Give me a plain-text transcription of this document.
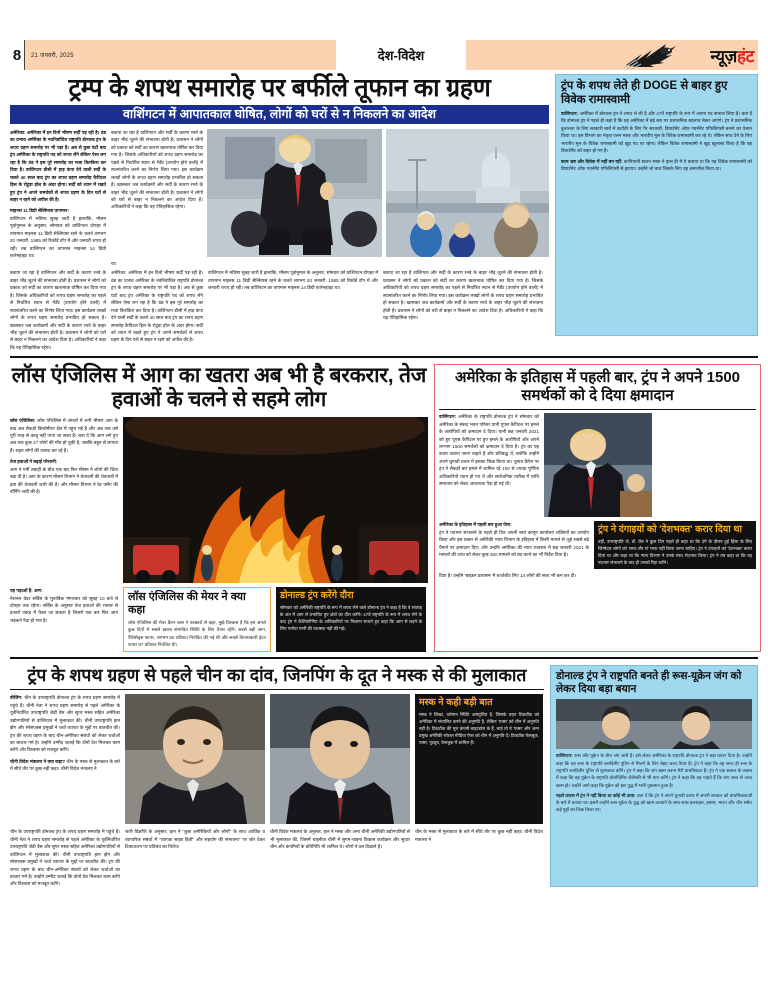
8	21 जनवरी, 2025	देश-विदेश	न्यूज़हंट
ट्रम्प के शपथ समारोह पर बर्फीले तूफान का ग्रहण
वाशिंगटन में आपातकाल घोषित, लोगों को घरों से न निकलने का आदेश

अमेरिका: अमेरिका में इन दिनों भीषण सर्दी पड़ रही है। ठंड का प्रभाव अमेरिका के नवनिर्वाचित राष्ट्रपति डोनाल्ड ट्रंप के शपथ ग्रहण समारोह पर भी पड़ा है। अब से कुछ घंटों बाद ट्रंप अमेरिका के राष्ट्रपति पद को शपथ लेंगे लेकिन ऐसा लग रहा है कि ठंड ने इस पूरे समारोह का मजा किरकिरा कर दिया है। वाशिंगटन डीसी में हाड़ कंपा देने वाली सर्दी के चलते 40 साल बाद ट्रंप का शपथ ग्रहण समारोह कैपिटल हिल के रोटुंडा हॉल के अंदर होगा। सर्दी को ध्यान में रखते हुए ट्रंप ने अपने समर्थकों से शपथ ग्रहण के दिन घरों से बाहर न रहने को अपील की है।

माइनस 11 डिग्री सेल्सियस तापमान:

वाशिंगटन में भविष्य सुबह जारी है हालांकि, मौसम पूर्वानुमान के अनुसार, सोमवार को वाशिंगटन दोपहर में तापमान माइनस 11 डिग्री सेल्सियस रहने के चलते लगभग 20 जनवरी, 1985 को रिकॉर्ड टॉप में और जनवरी शपथ हो रही। तब वाशिंगटन का तापमान माइनस 14 डिग्री फ़ारेनहाइट था।

बताया जा रहा है वाशिंगटन और सर्दी के कारण रनवे के बाहर भीड़ जुटने की संभावना होती है। प्रशासन ने लोगों को प्रकाश को सर्दी का कारण खतरनाक घोषित कर दिया गया है। जिसके अधिकारियों को शपथ ग्रहण समारोह का पहले से निर्धारित स्थान से गैर्डेंट (उपयोग होने वाली) में स्थानांतरित करने का निर्णय लिया गया। इस कार्यक्रम लाखों लोगों के शपथ ग्रहण समारोह प्रभावित हो सकता है। खासकर जब कार्यक्रमों और सर्दी के कारण रनवे के बाहर भीड़ जुटने की संभावना होती है। प्रशासन ने लोगों को घरों से बाहर न निकलने का आदेश दिया है। अधिकारियों ने कहा कि यह ऐतिहासिक रहेगा।
या।
बताया जा रहा है वाशिंगटन और सर्दी के कारण रनवे के बाहर भीड़ जुटने की संभावना होती है। प्रशासन ने लोगों को प्रकाश को सर्दी का कारण खतरनाक घोषित कर दिया गया है। जिसके अधिकारियों को शपथ ग्रहण समारोह का पहले से निर्धारित स्थान से गैर्डेंट (उपयोग होने वाली) में स्थानांतरित करने का निर्णय लिया गया। इस कार्यक्रम लाखों लोगों के शपथ ग्रहण समारोह प्रभावित हो सकता है। खासकर जब कार्यक्रमों और सर्दी के कारण रनवे के बाहर भीड़ जुटने की संभावना होती है। प्रशासन ने लोगों को घरों से बाहर न निकलने का आदेश दिया है। अधिकारियों ने कहा कि यह ऐतिहासिक रहेगा।
अमेरिका: अमेरिका में इन दिनों भीषण सर्दी पड़ रही है। ठंड का प्रभाव अमेरिका के नवनिर्वाचित राष्ट्रपति डोनाल्ड ट्रंप के शपथ ग्रहण समारोह पर भी पड़ा है। अब से कुछ घंटों बाद ट्रंप अमेरिका के राष्ट्रपति पद को शपथ लेंगे लेकिन ऐसा लग रहा है कि ठंड ने इस पूरे समारोह का मजा किरकिरा कर दिया है। वाशिंगटन डीसी में हाड़ कंपा देने वाली सर्दी के चलते 40 साल बाद ट्रंप का शपथ ग्रहण समारोह कैपिटल हिल के रोटुंडा हॉल के अंदर होगा। सर्दी को ध्यान में रखते हुए ट्रंप ने अपने समर्थकों से शपथ ग्रहण के दिन घरों से बाहर न रहने को अपील की है।
वाशिंगटन में भविष्य सुबह जारी है हालांकि, मौसम पूर्वानुमान के अनुसार, सोमवार को वाशिंगटन दोपहर में तापमान माइनस 11 डिग्री सेल्सियस रहने के चलते लगभग 20 जनवरी, 1985 को रिकॉर्ड टॉप में और जनवरी शपथ हो रही। तब वाशिंगटन का तापमान माइनस 14 डिग्री फ़ारेनहाइट था।
बताया जा रहा है वाशिंगटन और सर्दी के कारण रनवे के बाहर भीड़ जुटने की संभावना होती है। प्रशासन ने लोगों को प्रकाश को सर्दी का कारण खतरनाक घोषित कर दिया गया है। जिसके अधिकारियों को शपथ ग्रहण समारोह का पहले से निर्धारित स्थान से गैर्डेंट (उपयोग होने वाली) में स्थानांतरित करने का निर्णय लिया गया। इस कार्यक्रम लाखों लोगों के शपथ ग्रहण समारोह प्रभावित हो सकता है। खासकर जब कार्यक्रमों और सर्दी के कारण रनवे के बाहर भीड़ जुटने की संभावना होती है। प्रशासन ने लोगों को घरों से बाहर न निकलने का आदेश दिया है। अधिकारियों ने कहा कि यह ऐतिहासिक रहेगा।
ट्रंप के शपथ लेते ही DOGE से बाहर हुए विवेक रामास्वामी
वाशिंगटन: अमेरिका में डोनाल्ड ट्रंप ने शपथ ले ली है और 47वें राष्ट्रपति के रूप में अपना पद संभाल लिया है। बता दें कि डोनाल्ड ट्रंप ने पहले ही कहा है कि वह अमेरिका में बड़े स्तर पर प्रशासनिक बदलाव लेकर आएंगे। ट्रंप ने प्रशासनिक कुशलता के लिए सरकारी खर्चे में कटौती के लिए गैर सरकारी, डिपार्टमेंट ऑफ़ गवर्नमेंट एफिशिएंसी बनाने का ऐलान किया था। इस विभाग का नेतृत्व एलन मस्क और भारतीय मूल के विवेक रामास्वामी कर रहे थे। लेकिन साथ देने के लिए भारतीय मूल के विवेक रामास्वामी को खुद पद पर रहेगा। लेकिन विवेक रामास्वामी ने खुद खुलासा किया है कि वह डिपार्टमेंट को बाहर हो गए हैं।
काम भ्रष्ट और विवेक में नहीं बन रहीं: कानियाती डालन मस्क ने हाल ही में ये बताया था कि यह विवेक रामास्वामी को डिपार्टमेंट ऑफ़ गवर्नमेंट एफिशिएंसी से हटाया। उन्होंने जो बात जिसके लिए वह क्षमाशील किया था।
लॉस एंजिलिस में आग का खतरा अब भी है बरकरार, तेज हवाओं के चलने से सहमे लोग

लॉस एंजिलिस: लॉस एंजिलिस में जंगलों में लगी भीषण आग के बाद अब सैकड़ों किलोमीटर क्षेत्र में पहुंच गई है और अब तक उसे पूरी तरह से काबू नहीं पाया जा सका है। बता दें कि आग लगे हुए अब तक कुछ 27 लोगों की मौत हो चुकी है, जबकि बहुत से लापता हैं। राहत लोगों की तलाश कर रहे हैं।

तेज हवाओं ने बढ़ाई परेशानी:

आग ने गर्मी तबाही के बीच एक बार फिर मौसम ने लोगों की चिंता बढ़ा दी है। आग के कारण मौसम विभाग ने चेतावनी की चेतावनी में हवा की चेतावनी जारी की है। और मौसम विभाग ने रेड फ्लैग की वॉर्निंग जारी की है।

यह पढ़ाओं है: आग:

नेशनल वेदर सर्विस के मुताबिक मंगलवार को सुबह 10 बजे से दोपहर तक रहेगा। सर्विस के अनुसार तेज हवाओं की रफ्तार से हजारों एकड़ में फैला जा सकता है जिसमें एक बार फिर आग भड़कने पैदा हो गया है।

लॉस एंजिलिस की मेयर ने क्या कहा
लॉस एंजिलिस की मेयर कैरन बास ने पत्रकारों से कहा, मुझे विश्वास है कि हम अगले कुछ दिनों में सबसे खराब संभावित स्थिति के लिए तैयार रहेंगे। सबसे बड़ी आग, पैलिसेड्स फायर, लगभग 60 प्रतिशत नियंत्रित की गई थी और सबसे विनाशकारी ईटन फायर 87 प्रतिशत नियंत्रित थी।
डोनाल्ड ट्रंप करेंगे दौरा
सोमवार को अमेरिकी राष्ट्रपति के रूप में शपथ लेने वाले डोनाल्ड ट्रंप ने कहा है कि वे सप्ताह के अंत में आग से प्रभावित हुए क्षेत्रों का दौरा करेंगे। 47वें राष्ट्रपति के रूप में शपथ लेने के बाद ट्रंप ने कैलिफोर्निया के अधिकारियों पर निशाना साधते हुए कहा कि आग से लड़ने के लिए पर्याप्त पानी की व्यवस्था नहीं की गई।
अमेरिका के इतिहास में पहली बार, ट्रंप ने अपने 1500 समर्थकों को दे दिया क्षमादान

वाशिंगटन: अमेरिका के राष्ट्रपति डोनाल्ड ट्रंप ने सोमवार को अमेरिका के संसद भवन परिसर यानी यूएस कैपिटल पर हमले के आरोपियों को क्षमादान दे दिया। यानी छह जनवरी 2021 को हुए यूएस कैपिटल पर हुए हमले के आरोपियों और अपने लगभग 1500 समर्थकों को क्षमादान दे दिया है। ट्रंप का यह कदम उठाया जाना चाहते हैं और प्रतिबद्ध थे, क्योंकि उन्होंने अपने चुनावी प्रचार में इसका जिक्र किया था। चुनाव कैंपेन पर ट्रंप ने सैकड़ों बार हमले में शामिल रहे 100 से ज्यादा पूर्णिमा अधिकारियों ध्यान हो गए थे और सार्वजनिक तारीख में शांति समाधान को लेकर आवश्यक पैदा हो गई थी।

अमेरिका के इतिहास में पहली बार हुआ ऐसा:

ट्रंप ने पदभार संभालने के पहले ही दिन अपनी स्वयं कानून कार्यालय शक्तियों का उपयोग किया और इस प्रकार से अमेरिकी न्याय विभाग के इतिहास में किसी मामले से जुड़े सबसे बड़े पैमाने पर क्षमादान दिए। और उन्होंने अमेरिका की न्याय व्यवस्था में छह जनवरी 2021 के मामलों की जांच को लेकर कुछ 450 मामलों को बंद करने का भी निर्देश दिया है।

ट्रंप ने दंगाइयों को 'देशभक्त' करार दिया था
वहीं, उपराष्ट्रपति जे. डी. वेंस ने कुछ दिन पहले ही कहा था कि दंगे के दौरान हुई हिंसा के लिए जिम्मेदार लोगों को 'साफ तौर से' माफ नहीं किया जाना चाहिए। ट्रंप ने दंगाइयों को 'देशभक्त' करार दिया था और कहा था कि न्याय विभाग ने उनके साथ भेदभाव किया। ट्रंप ने तब कहा था कि वह पदभार संभालने के बाद ही उनको रिहा करेंगे।
दिया है। उन्होंने 'बाइडन प्रशासन' में चार्जशीट लिए 14 लोगों की सजा भी कम कर दी।
ट्रंप के शपथ ग्रहण से पहले चीन का दांव, जिनपिंग के दूत ने मस्क से की मुलाकात

बीजिंग: चीन के उपराष्ट्रपति डोनाल्ड ट्रंप के शपथ ग्रहण समारोह में पहुंचे हैं। चीनी नेता ने शपथ ग्रहण समारोह से पहले अमेरिका के पूर्वनिर्धारित उपराष्ट्रपति जेडी वेंस और सुपर मस्क सहित अमेरिका उद्योगपतियों से वाशिंगटन में मुलाकात की। चीनी उपराष्ट्रपति हान झेंग और स्पेसएक्स प्रमुखों ने चर्चा व्यापार के मुद्दों पर बातचीत की। ट्रंप की शपथ ग्रहण के बाद चीन-अमेरिका संबंधों को लेकर चर्चाओं का बाजार गर्म है। उन्होंने उम्मीद जताई कि दोनों देश मिलकर काम करेंगे और विश्वास को मजबूत करेंगे।

चीनी विदेश मंत्रालय ने क्या कहा? चीन के मस्क से मुलाकात के बारे में सीधे तौर पर कुछ नहीं कहा। चीनी विदेश मंत्रालय ने

मस्क ने कही बड़ी बात
मस्क ने लिखा, वर्तमान स्थिति असंतुलित है, जिसके तहत टिकटॉक को अमेरिका में संचालित करने की अनुमति है, लेकिन 'एक्स' को चीन में अनुमति नहीं है। टिकटॉक की मूल कंपनी बाइटडांस के हैं, चाहे तो वे 'एक्स' और अन्य प्रमुख अमेरिकी सोशल मीडिया ऐप्स को चीन में अनुमति दें। टिकटॉक फेसबुक, एक्स, यूट्यूब, फेसबुक में शामिल हैं।
चीन के उपराष्ट्रपति डोनाल्ड ट्रंप के शपथ ग्रहण समारोह में पहुंचे हैं। चीनी नेता ने शपथ ग्रहण समारोह से पहले अमेरिका के पूर्वनिर्धारित उपराष्ट्रपति जेडी वेंस और सुपर मस्क सहित अमेरिका उद्योगपतियों से वाशिंगटन में मुलाकात की। चीनी उपराष्ट्रपति हान झेंग और स्पेसएक्स प्रमुखों ने चर्चा व्यापार के मुद्दों पर बातचीत की। ट्रंप की शपथ ग्रहण के बाद चीन-अमेरिका संबंधों को लेकर चर्चाओं का बाजार गर्म है। उन्होंने उम्मीद जताई कि दोनों देश मिलकर काम करेंगे और विश्वास को मजबूत करेंगे।
जारी विज्ञप्ति के अनुसार, हान ने ''कुछ अमेरिकियों और लोगों'' के साथ आर्थिक व व्यापारिक संबंधों में ''व्यापक साझा हितों'' और सहयोग की संभावना'' पर जोर देकर टिकाऊपन पर प्रतिबंध का विरोध।
चीनी विदेश मंत्रालय के अनुसार, हान ने मस्क और अन्य चीनी अमेरिकी उद्योगपतियों से भी मुलाकात की, जिसमें चाइनीज़ चीनी में सुगम-चाइना विकास कार्यक्रम और सुधार चीन और कंपनियों के प्रतिनिधि भी शामिल थे। लोगों ने दल दिखाने हैं।
चीन के मस्क से मुलाकात के बारे में सीधे तौर पर कुछ नहीं कहा। चीनी विदेश मंत्रालय ने
डोनाल्ड ट्रंप ने राष्ट्रपति बनते ही रूस-यूक्रेन जंग को लेकर दिया बड़ा बयान
वाशिंगटन: रूस और यूक्रेन के बीच जंग जारी है। इसे लेकर अमेरिका के राष्ट्रपति डोनाल्ड ट्रंप ने बड़ा बयान दिया है। उन्होंने कहा कि वह रूस के राष्ट्रपति व्लादिमीर पुतिन से मिलने के लिए बेहद जल्द तैयार हैं। ट्रंप ने कहा कि वह जल्द ही रूस के राष्ट्रपति व्लादिमीर पुतिन से मुलाकात करेंगे। ट्रंप ने कहा कि जंग खत्म करना मेरी प्राथमिकता है। ट्रंप ने एक सवाल के जवाब में कहा कि वह यूक्रेन के राष्ट्रपति वोलोदिमिर जेलेंस्की से भी बात करेंगे। ट्रंप ने कहा कि वह चाहते हैं कि जंग जल्द से जल्द खत्म हो। उन्होंने आगे कहा कि यूक्रेन को इस युद्ध में भारी नुकसान हुआ है।
पहले प्रयास में ट्रंप ने नहीं किया था कोई भी दावा: बता दें कि ट्रंप ने अपने चुनावी प्रचार में अपनी सरकार को प्राथमिकताओं के बारे में बताया था। इसमें उन्होंने रूस-यूक्रेन के युद्ध को खत्म करवाने के साथ-साथ इजराइल, हमास, भारत और चीन समेत कई मुद्दों का जिक्र किया था।
